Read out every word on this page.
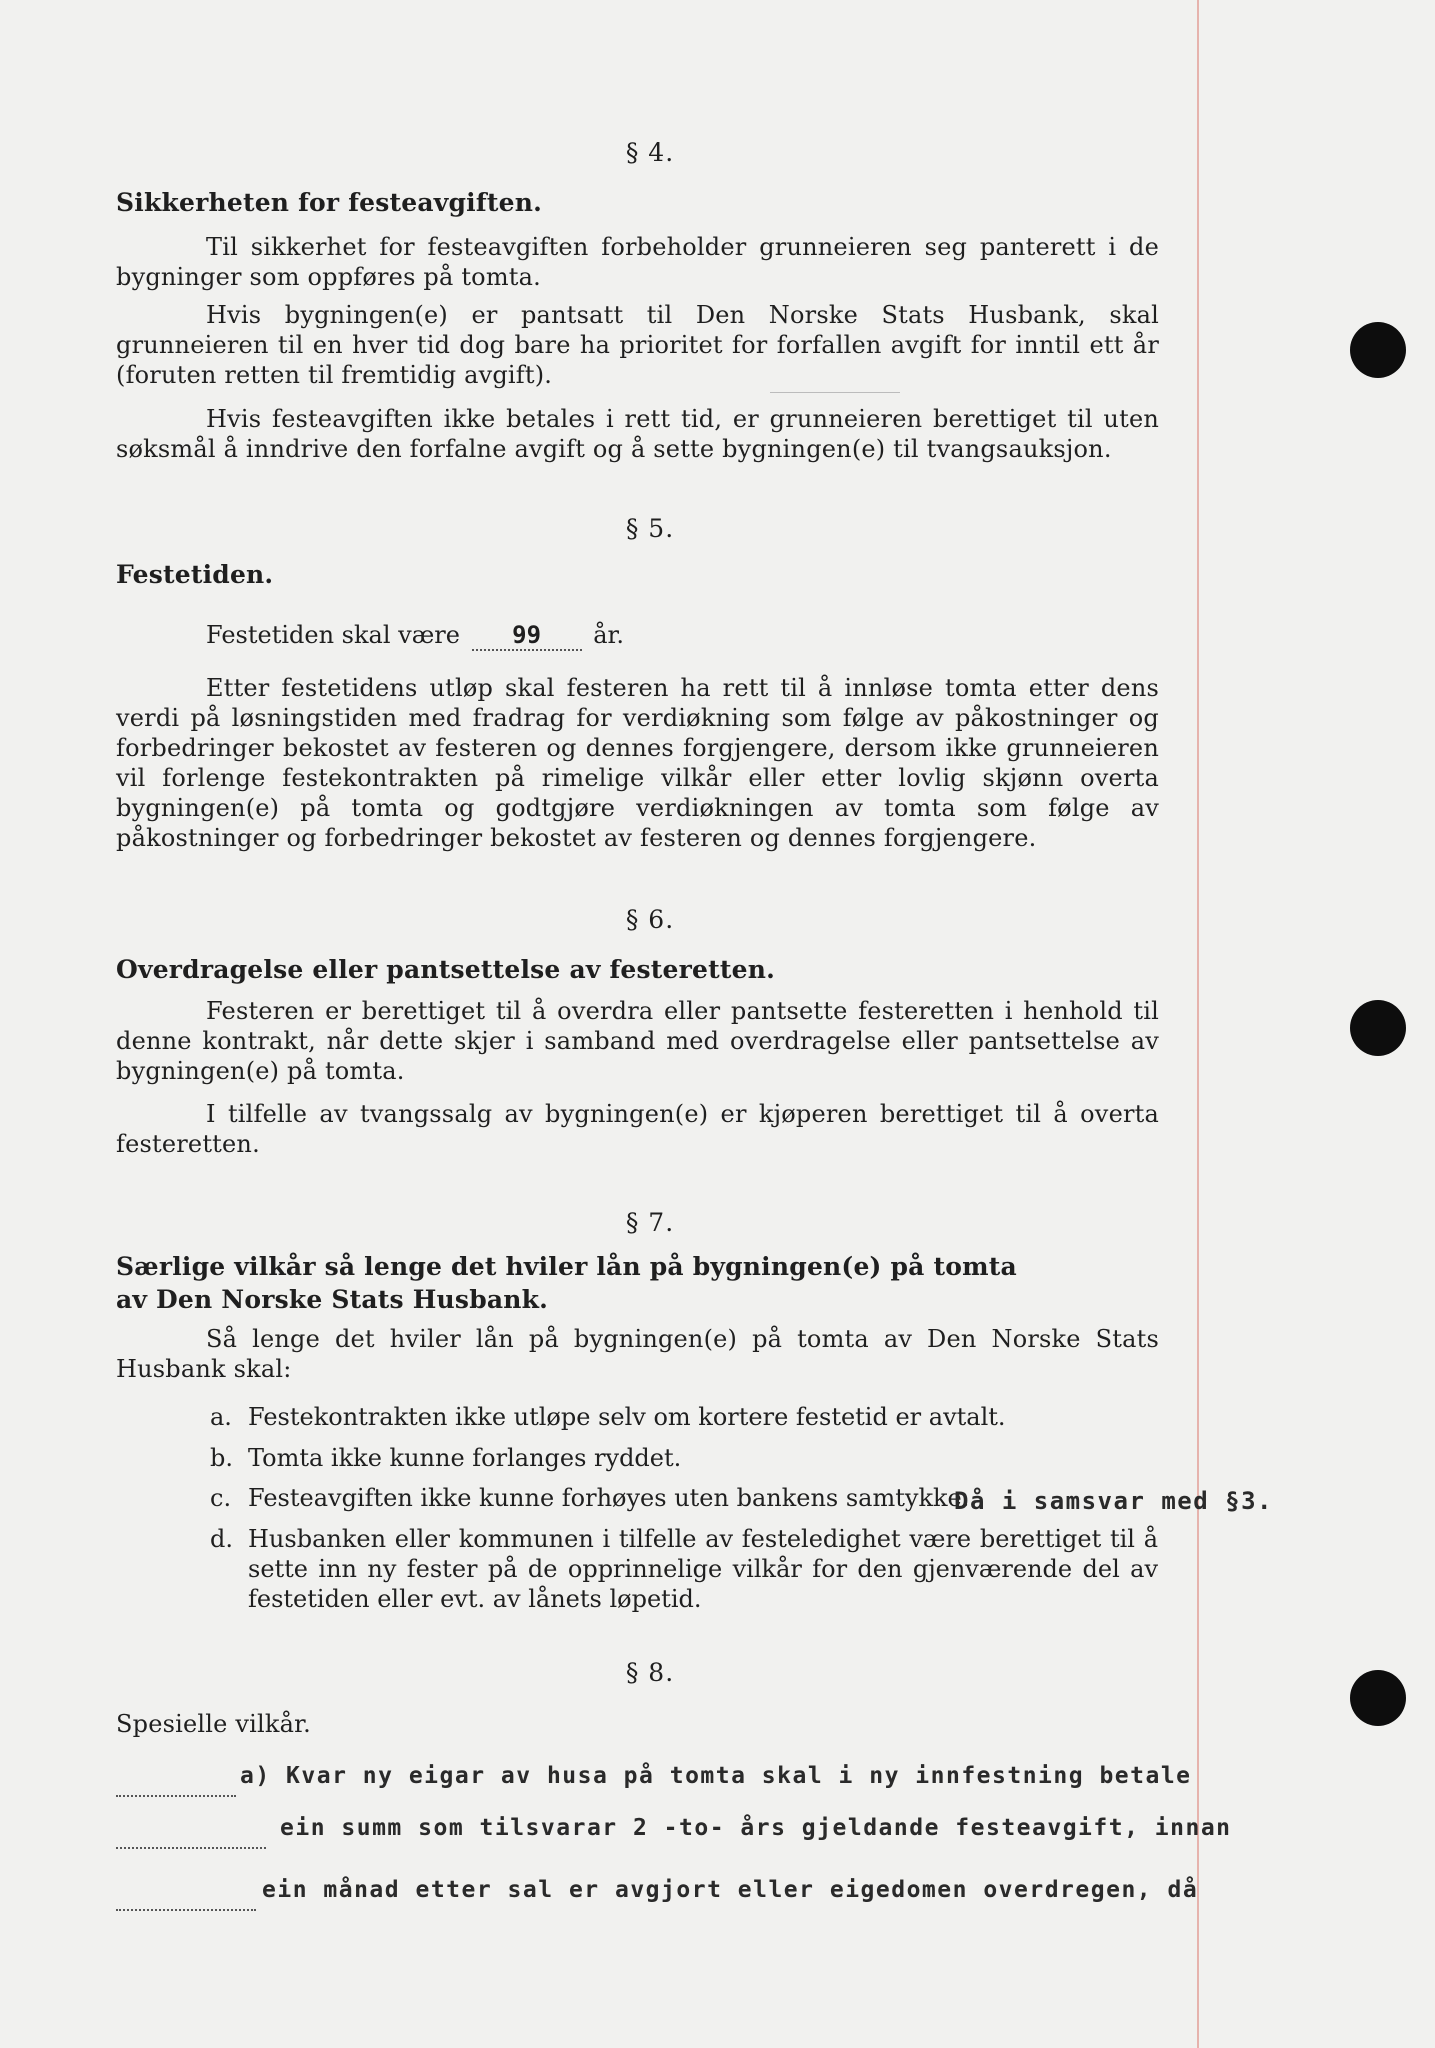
§ 4.
Sikkerheten for festeavgiften.

Til sikkerhet for festeavgiften forbeholder grunneieren seg panterett i de bygninger som oppføres på tomta.

Hvis bygningen(e) er pantsatt til Den Norske Stats Husbank, skal grunneieren til en hver tid dog bare ha prioritet for forfallen avgift for inntil ett år (foruten retten til fremtidig avgift).

Hvis festeavgiften ikke betales i rett tid, er grunneieren berettiget til uten søksmål å inndrive den forfalne avgift og å sette bygningen(e) til tvangsauksjon.

§ 5.
Festetiden.
Festetiden skal være 99 år.

Etter festetidens utløp skal festeren ha rett til å innløse tomta etter dens verdi på løsningstiden med fradrag for verdiøkning som følge av påkostninger og forbedringer bekostet av festeren og dennes forgjengere, dersom ikke grunneieren vil forlenge festekontrakten på rimelige vilkår eller etter lovlig skjønn overta bygningen(e) på tomta og godtgjøre verdiøkningen av tomta som følge av påkostninger og forbedringer bekostet av festeren og dennes forgjengere.

§ 6.
Overdragelse eller pantsettelse av festeretten.

Festeren er berettiget til å overdra eller pantsette festeretten i henhold til denne kontrakt, når dette skjer i samband med overdragelse eller pantsettelse av bygningen(e) på tomta.

I tilfelle av tvangssalg av bygningen(e) er kjøperen berettiget til å overta festeretten.

§ 7.
Særlige vilkår så lenge det hviler lån på bygningen(e) på tomta
av Den Norske Stats Husbank.

Så lenge det hviler lån på bygningen(e) på tomta av Den Norske Stats Husbank skal:

a. Festekontrakten ikke utløpe selv om kortere festetid er avtalt.
b. Tomta ikke kunne forlanges ryddet.
c. Festeavgiften ikke kunne forhøyes uten bankens samtykke.
Då i samsvar med §3.
d. Husbanken eller kommunen i tilfelle av festeledighet være berettiget til å sette inn ny fester på de opprinnelige vilkår for den gjenværende del av festetiden eller evt. av lånets løpetid.
§ 8.
Spesielle vilkår.
a) Kvar ny eigar av husa på tomta skal i ny innfestning betale
ein summ som tilsvarar 2 -to- års gjeldande festeavgift, innan
ein månad etter sal er avgjort eller eigedomen overdregen, då
